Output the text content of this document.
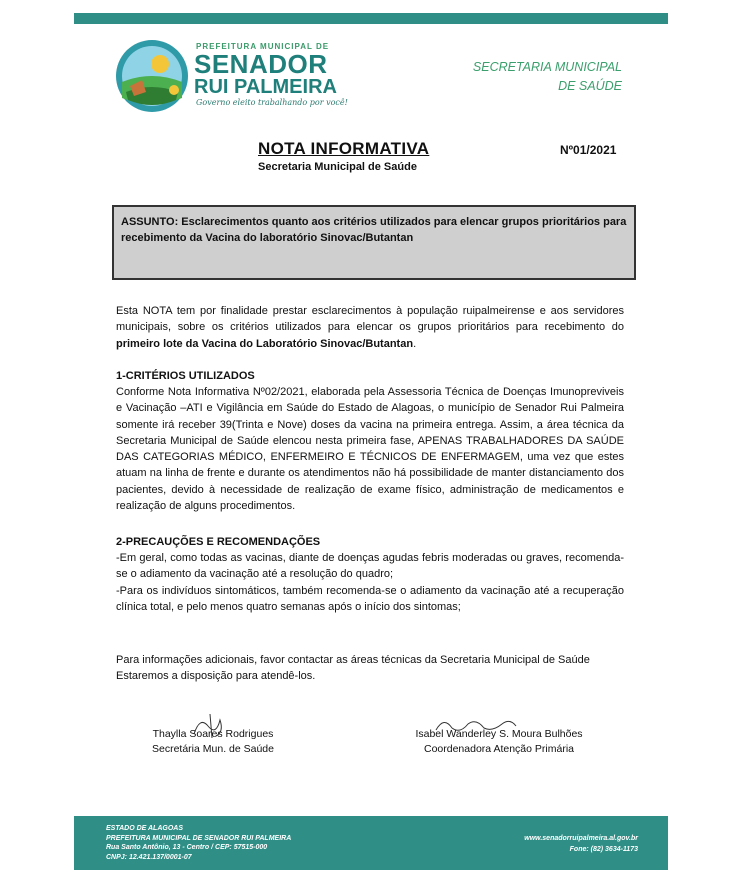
PREFEITURA MUNICIPAL DE
SENADOR
RUI PALMEIRA
Governo eleito trabalhando por você!
SECRETARIA MUNICIPAL
DE SAÚDE
NOTA INFORMATIVA	Nº01/2021
Secretaria Municipal de Saúde
ASSUNTO: Esclarecimentos quanto aos critérios utilizados para elencar grupos prioritários para recebimento da Vacina do laboratório Sinovac/Butantan
Esta NOTA tem por finalidade prestar esclarecimentos à população ruipalmeirense e aos servidores municipais, sobre os critérios utilizados para elencar os grupos prioritários para recebimento do primeiro lote da Vacina do Laboratório Sinovac/Butantan.
1-CRITÉRIOS UTILIZADOS
Conforme Nota Informativa Nº02/2021, elaborada pela Assessoria Técnica de Doenças Imunopreviveis e Vacinação –ATI e Vigilância em Saúde do Estado de Alagoas, o município de Senador Rui Palmeira somente irá receber 39(Trinta e Nove) doses da vacina na primeira entrega. Assim, a área técnica da Secretaria Municipal de Saúde elencou nesta primeira fase, APENAS TRABALHADORES DA SAÚDE DAS CATEGORIAS MÉDICO, ENFERMEIRO E TÉCNICOS DE ENFERMAGEM, uma vez que estes atuam na linha de frente e durante os atendimentos não há possibilidade de manter distanciamento dos pacientes, devido à necessidade de realização de exame físico, administração de medicamentos e realização de alguns procedimentos.
2-PRECAUÇÕES E RECOMENDAÇÕES
-Em geral, como todas as vacinas, diante de doenças agudas febris moderadas ou graves, recomenda-se o adiamento da vacinação até a resolução do quadro;
-Para os indivíduos sintomáticos, também recomenda-se o adiamento da vacinação até a recuperação clínica total, e pelo menos quatro semanas após o início dos sintomas;
Para informações adicionais, favor contactar as áreas técnicas da Secretaria Municipal de Saúde
Estaremos a disposição para atendê-los.
Thaylla Soares Rodrigues
Secretária Mun. de Saúde
Isabel Wanderley S. Moura Bulhões
Coordenadora Atenção Primária
ESTADO DE ALAGOAS
PREFEITURA MUNICIPAL DE SENADOR RUI PALMEIRA
Rua Santo Antônio, 13 - Centro / CEP: 57515-000
CNPJ: 12.421.137/0001-07
www.senadorruipalmeira.al.gov.br
Fone: (82) 3634-1173
